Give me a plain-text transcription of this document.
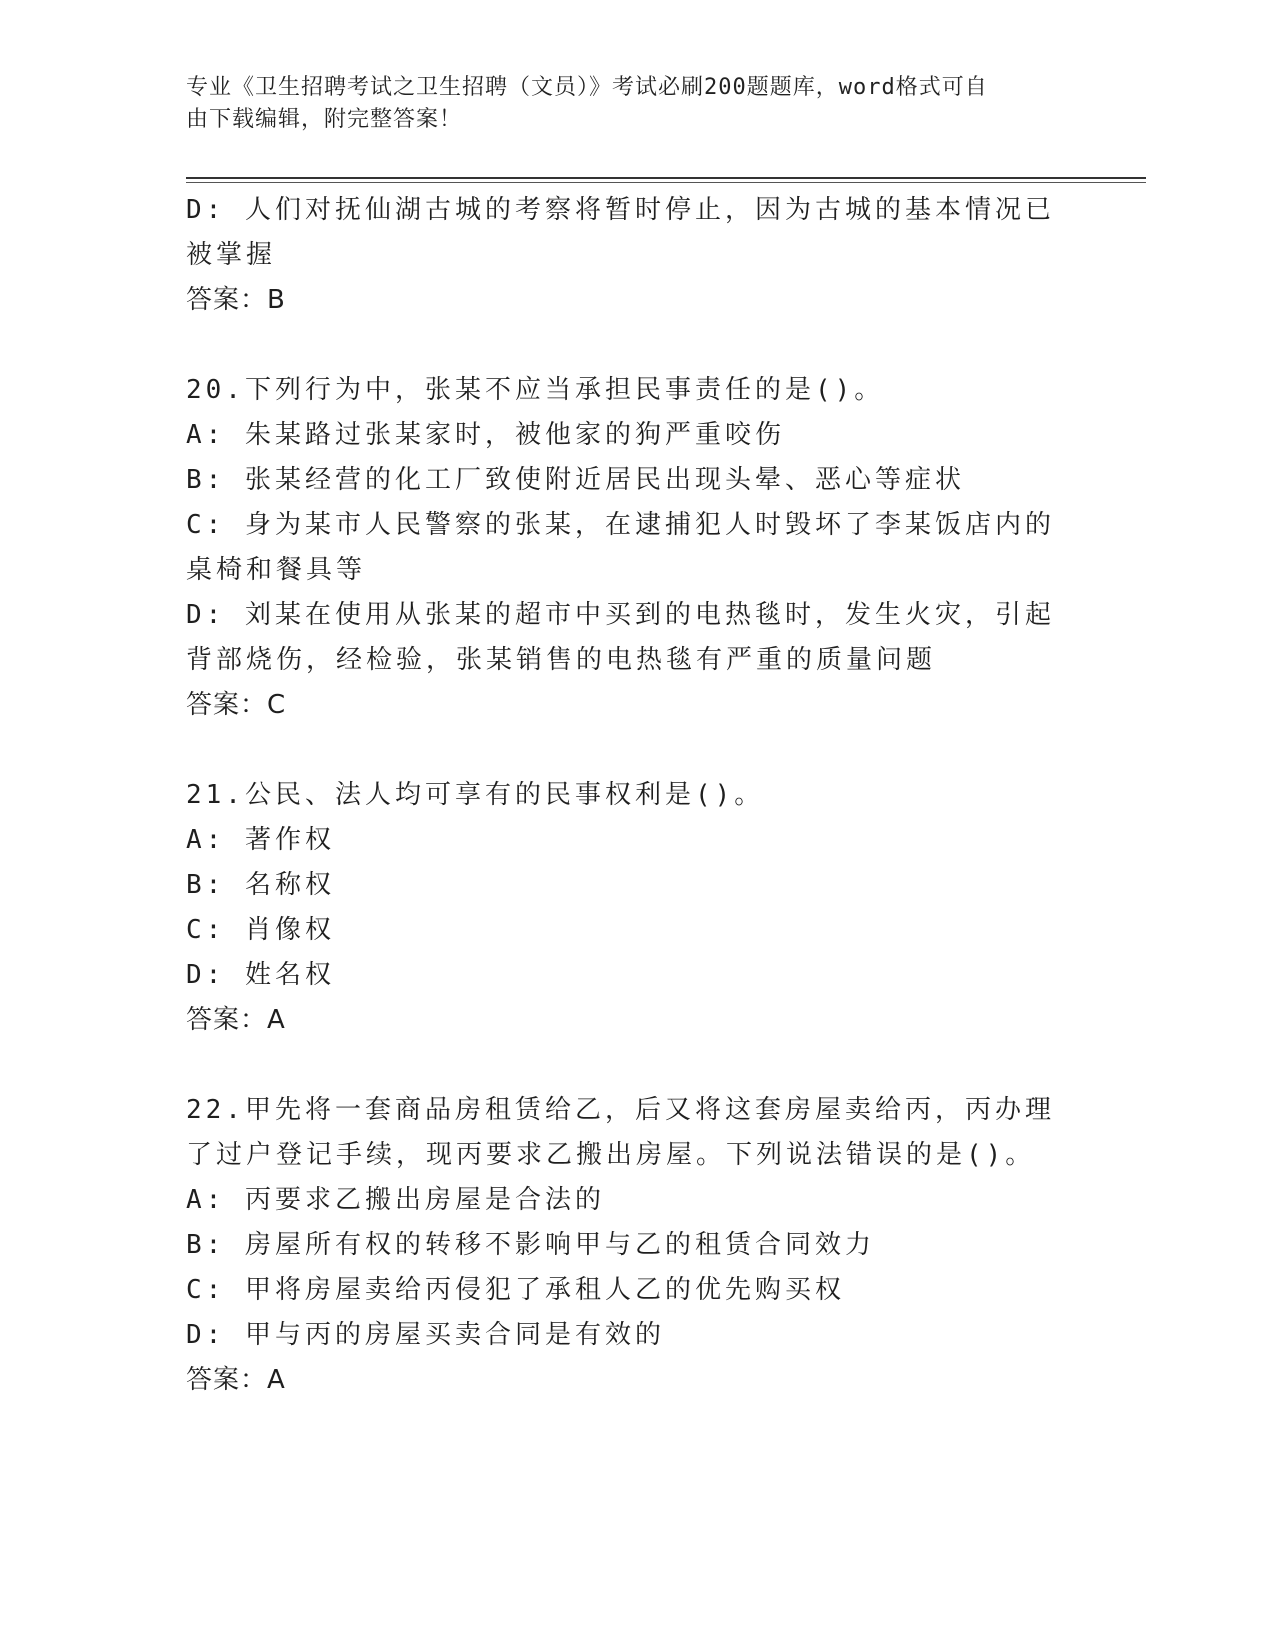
专业《卫生招聘考试之卫生招聘（文员）》考试必刷200题题库，word格式可自
由下载编辑，附完整答案！
D: 人们对抚仙湖古城的考察将暂时停止，因为古城的基本情况已被掌握
答案：B
20.下列行为中，张某不应当承担民事责任的是()。
A: 朱某路过张某家时，被他家的狗严重咬伤
B: 张某经营的化工厂致使附近居民出现头晕、恶心等症状
C: 身为某市人民警察的张某，在逮捕犯人时毁坏了李某饭店内的桌椅和餐具等
D: 刘某在使用从张某的超市中买到的电热毯时，发生火灾，引起背部烧伤，经检验，张某销售的电热毯有严重的质量问题
答案：C
21.公民、法人均可享有的民事权利是()。
A: 著作权
B: 名称权
C: 肖像权
D: 姓名权
答案：A
22.甲先将一套商品房租赁给乙，后又将这套房屋卖给丙，丙办理了过户登记手续，现丙要求乙搬出房屋。下列说法错误的是()。
A: 丙要求乙搬出房屋是合法的
B: 房屋所有权的转移不影响甲与乙的租赁合同效力
C: 甲将房屋卖给丙侵犯了承租人乙的优先购买权
D: 甲与丙的房屋买卖合同是有效的
答案：A
